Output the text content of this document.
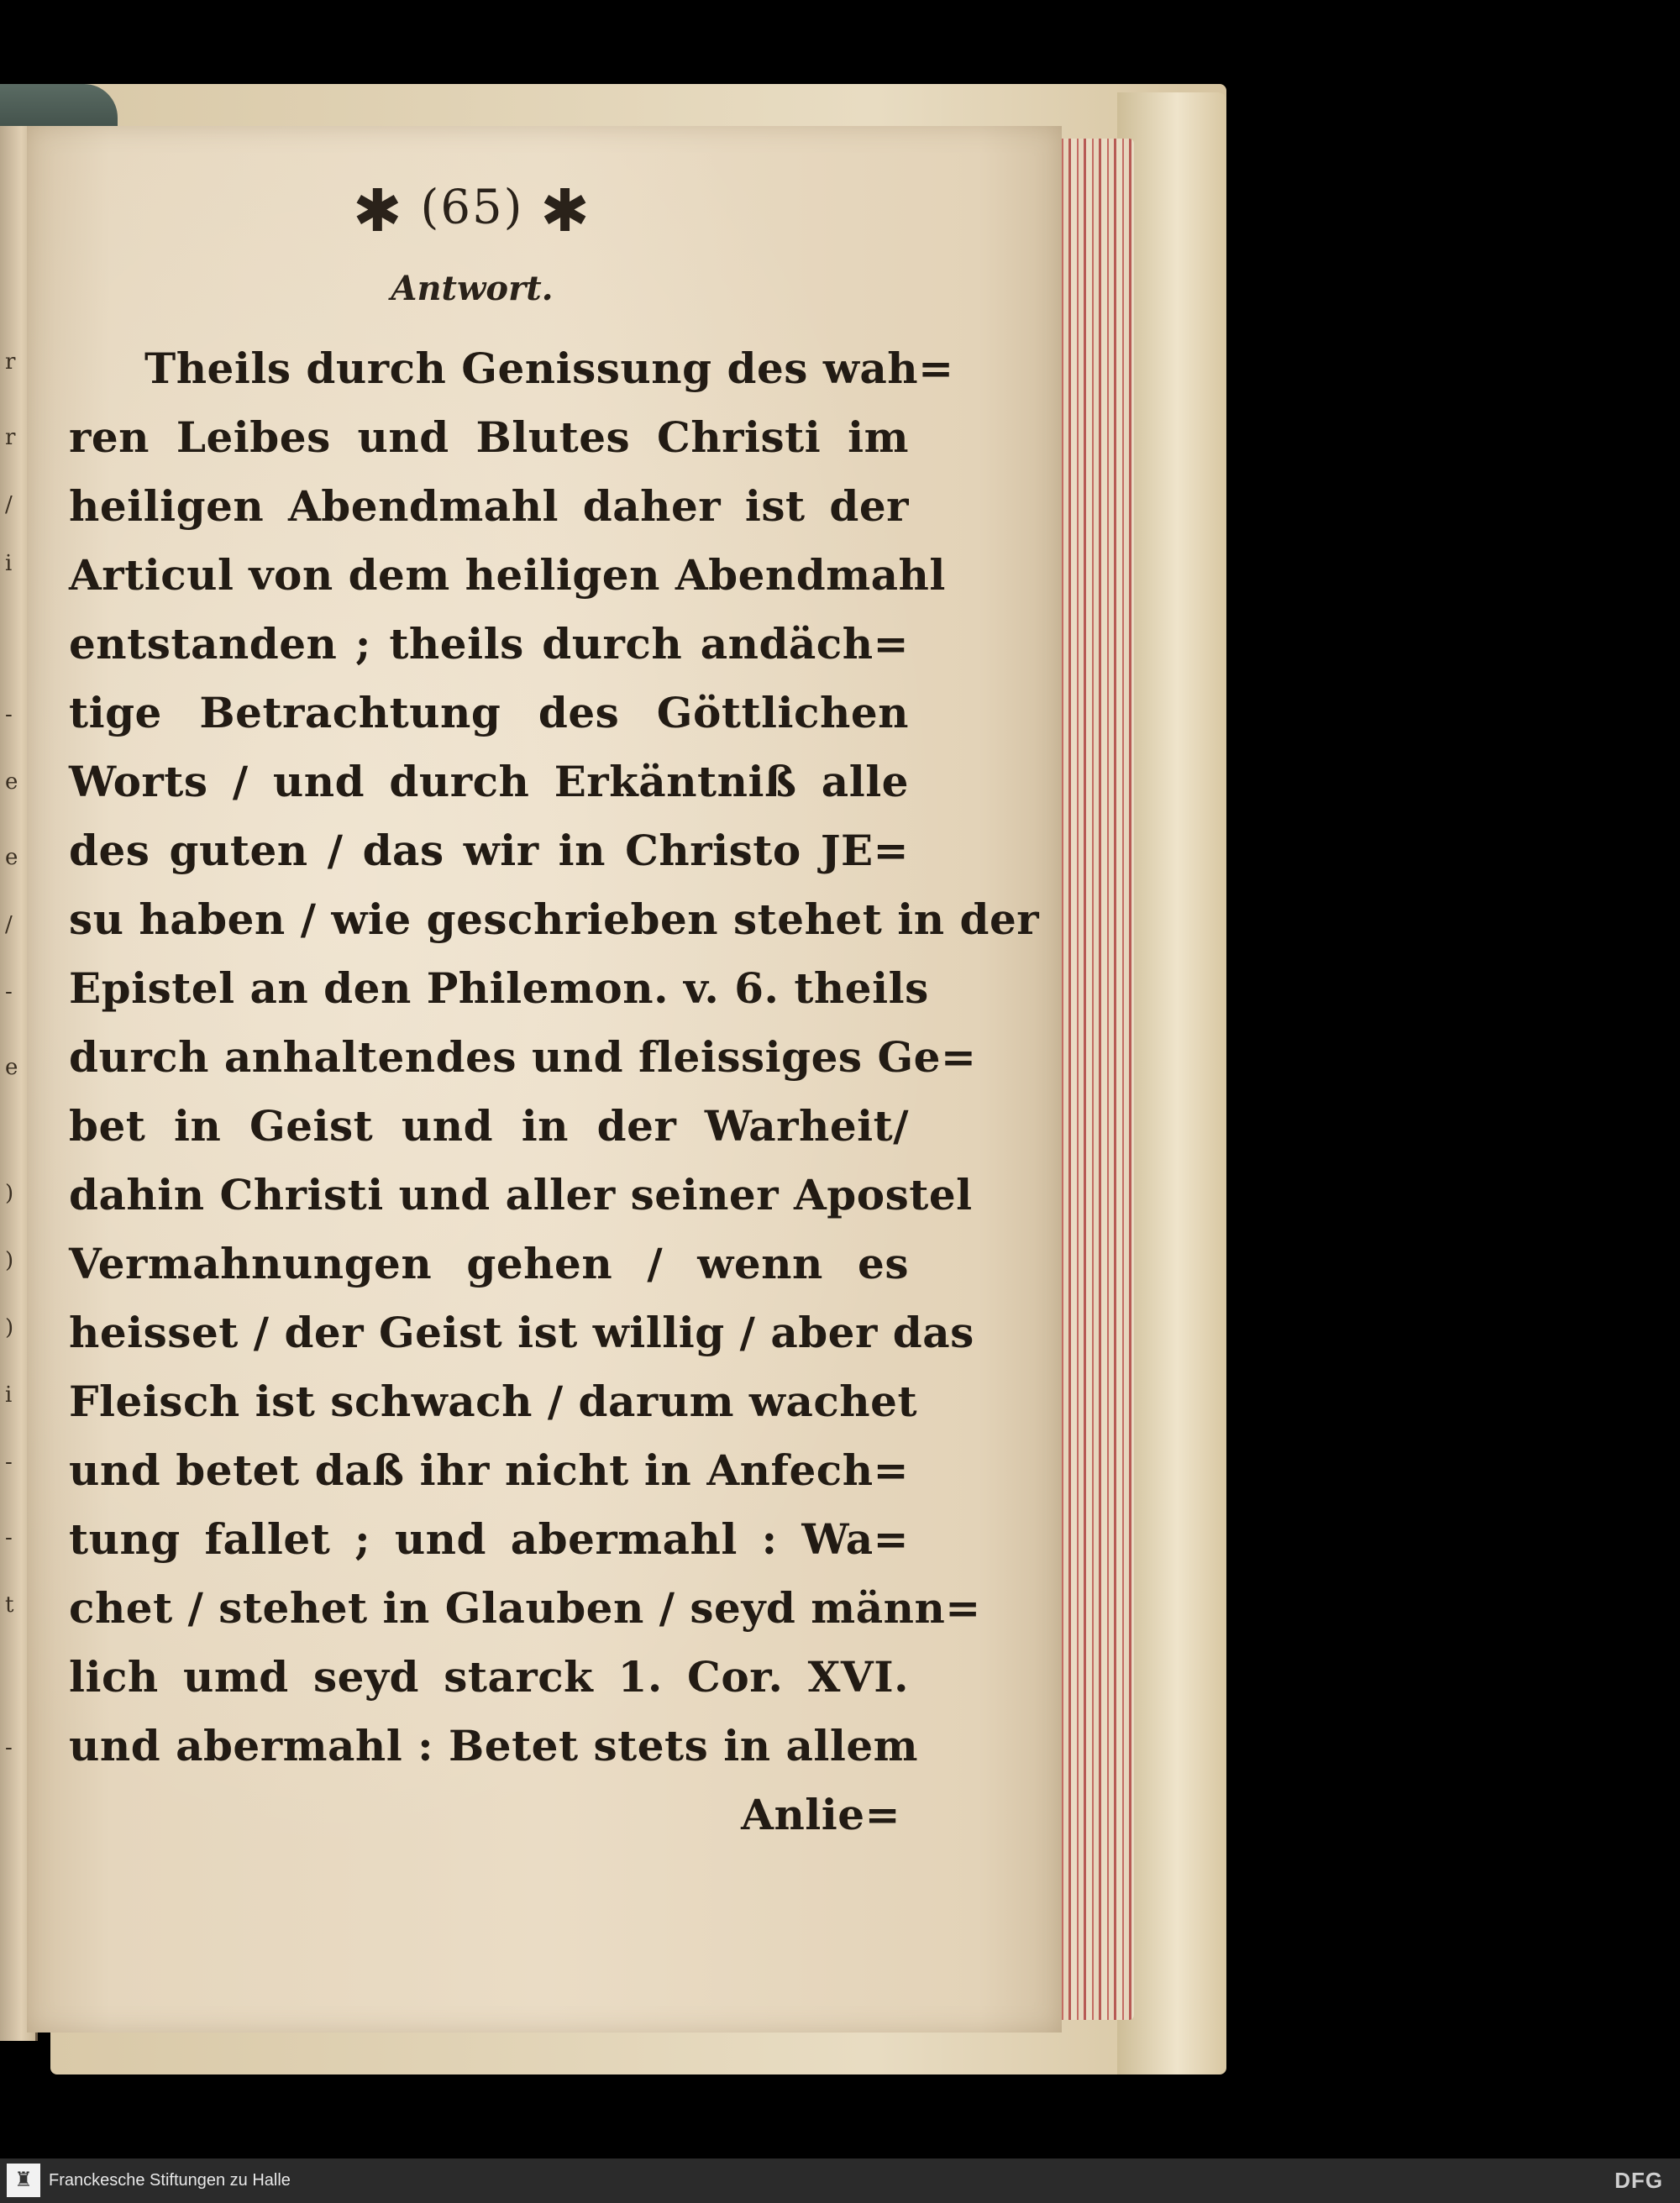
r
r
/
i
-
e
e
/
-
e
)
)
)
i
-
-
t
-
✱ (65) ✱
Antwort.
Theils durch Genissung des wah=
ren Leibes und Blutes Christi im
heiligen Abendmahl daher ist der
Articul von dem heiligen Abendmahl
entstanden ; theils durch andäch=
tige Betrachtung des Göttlichen
Worts / und durch Erkäntniß alle
des guten / das wir in Christo JE=
su haben / wie geschrieben stehet in der
Epistel an den Philemon. v. 6. theils
durch anhaltendes und fleissiges Ge=
bet in Geist und in der Warheit/
dahin Christi und aller seiner Apostel
Vermahnungen gehen / wenn es
heisset / der Geist ist willig / aber das
Fleisch ist schwach / darum wachet
und betet daß ihr nicht in Anfech=
tung fallet ; und abermahl : Wa=
chet / stehet in Glauben / seyd männ=
lich umd seyd starck 1. Cor. XVI.
und abermahl : Betet stets in allem
Anlie=
♜ Franckesche Stiftungen zu Halle	DFG
